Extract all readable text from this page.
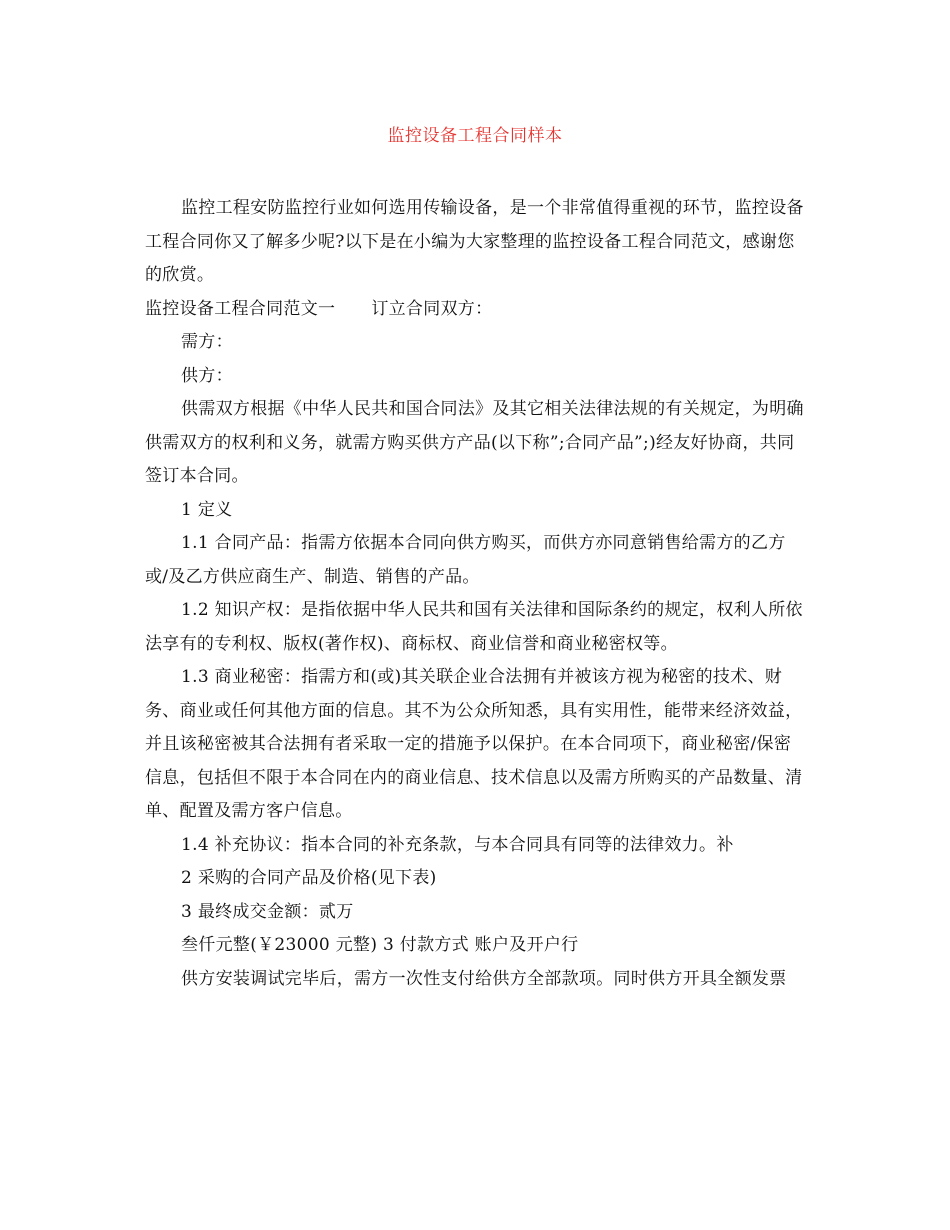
监控设备工程合同样本

监控工程安防监控行业如何选用传输设备，是一个非常值得重视的环节，监控设备工程合同你又了解多少呢?以下是在小编为大家整理的监控设备工程合同范文，感谢您的欣赏。

监控设备工程合同范文一 订立合同双方：

需方：

供方：

供需双方根据《中华人民共和国合同法》及其它相关法律法规的有关规定，为明确供需双方的权利和义务，就需方购买供方产品(以下称”;合同产品”;)经友好协商，共同签订本合同。

1 定义

1.1 合同产品：指需方依据本合同向供方购买，而供方亦同意销售给需方的乙方或/及乙方供应商生产、制造、销售的产品。

1.2 知识产权：是指依据中华人民共和国有关法律和国际条约的规定，权利人所依法享有的专利权、版权(著作权)、商标权、商业信誉和商业秘密权等。

1.3 商业秘密：指需方和(或)其关联企业合法拥有并被该方视为秘密的技术、财务、商业或任何其他方面的信息。其不为公众所知悉，具有实用性，能带来经济效益，并且该秘密被其合法拥有者采取一定的措施予以保护。在本合同项下，商业秘密/保密信息，包括但不限于本合同在内的商业信息、技术信息以及需方所购买的产品数量、清单、配置及需方客户信息。

1.4 补充协议：指本合同的补充条款，与本合同具有同等的法律效力。补

2 采购的合同产品及价格(见下表)

3 最终成交金额：贰万

叁仟元整(￥23000 元整) 3 付款方式 账户及开户行

供方安装调试完毕后，需方一次性支付给供方全部款项。同时供方开具全额发票
